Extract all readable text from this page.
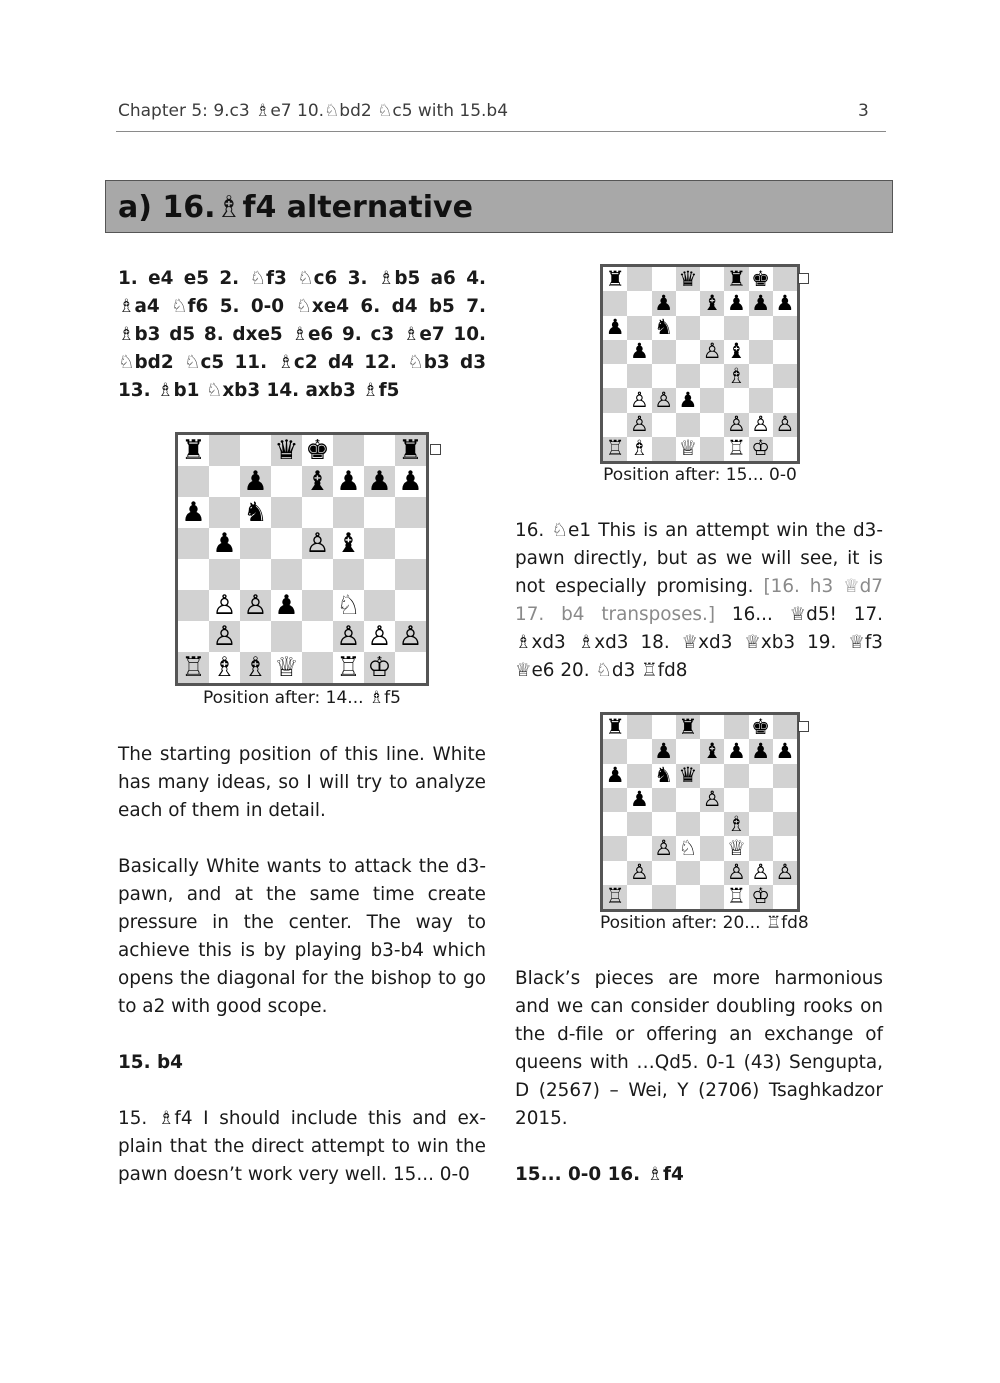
Chapter 5: 9.c3 ♗e7 10.♘bd2 ♘c5 with 15.b4	3
a) 16.♗f4 alternative
1. e4 e5 2. ♘f3 ♘c6 3. ♗b5 a6 4. ♗a4 ♘f6 5. 0-0 ♘xe4 6. d4 b5 7. ♗b3 d5 8. dxe5 ♗e6 9. c3 ♗e7 10. ♘bd2 ♘c5 11. ♗c2 d4 12. ♘b3 d3 13. ♗b1 ♘xb3 14. axb3 ♗f5
♜	♛ ♚	♜
♟ ♝ ♟ ♟ ♟
♟ ♞
♟	♙ ♝
♙ ♙ ♟ ♘
♙	♙ ♙ ♙
♖ ♗ ♗ ♕ ♖ ♔
Position after: 14... ♗f5
The starting position of this line. White has many ideas, so I will try to analyze each of them in detail.
Basically White wants to attack the d3-pawn, and at the same time create pressure in the center. The way to achieve this is by playing b3-b4 which opens the diagonal for the bishop to go to a2 with good scope.
15. b4
15. ♗f4 I should include this and ex-plain that the direct attempt to win the pawn doesn’t work very well. 15... 0-0
♜	♛ ♜ ♚
♟ ♝ ♟ ♟ ♟
♟ ♞
♟	♙ ♝
♗
♙ ♙ ♟
♙	♙ ♙ ♙
♖ ♗ ♕ ♖ ♔
Position after: 15... 0-0
16. ♘e1 This is an attempt win the d3-pawn directly, but as we will see, it is not especially promising. [16. h3 ♕d7 17. b4 transposes.] 16... ♕d5! 17. ♗xd3 ♗xd3 18. ♕xd3 ♕xb3 19. ♕f3 ♕e6 20. ♘d3 ♖fd8
♜	♜	♚
♟ ♝ ♟ ♟ ♟
♟ ♞ ♛
♟	♙
♗
♙ ♘ ♕
♙	♙ ♙ ♙
♖	♖ ♔
Position after: 20... ♖fd8
Black’s pieces are more harmonious and we can consider doubling rooks on the d-file or offering an exchange of queens with …Qd5. 0-1 (43) Sengupta, D (2567) – Wei, Y (2706) Tsaghkadzor 2015.
15... 0-0 16. ♗f4
